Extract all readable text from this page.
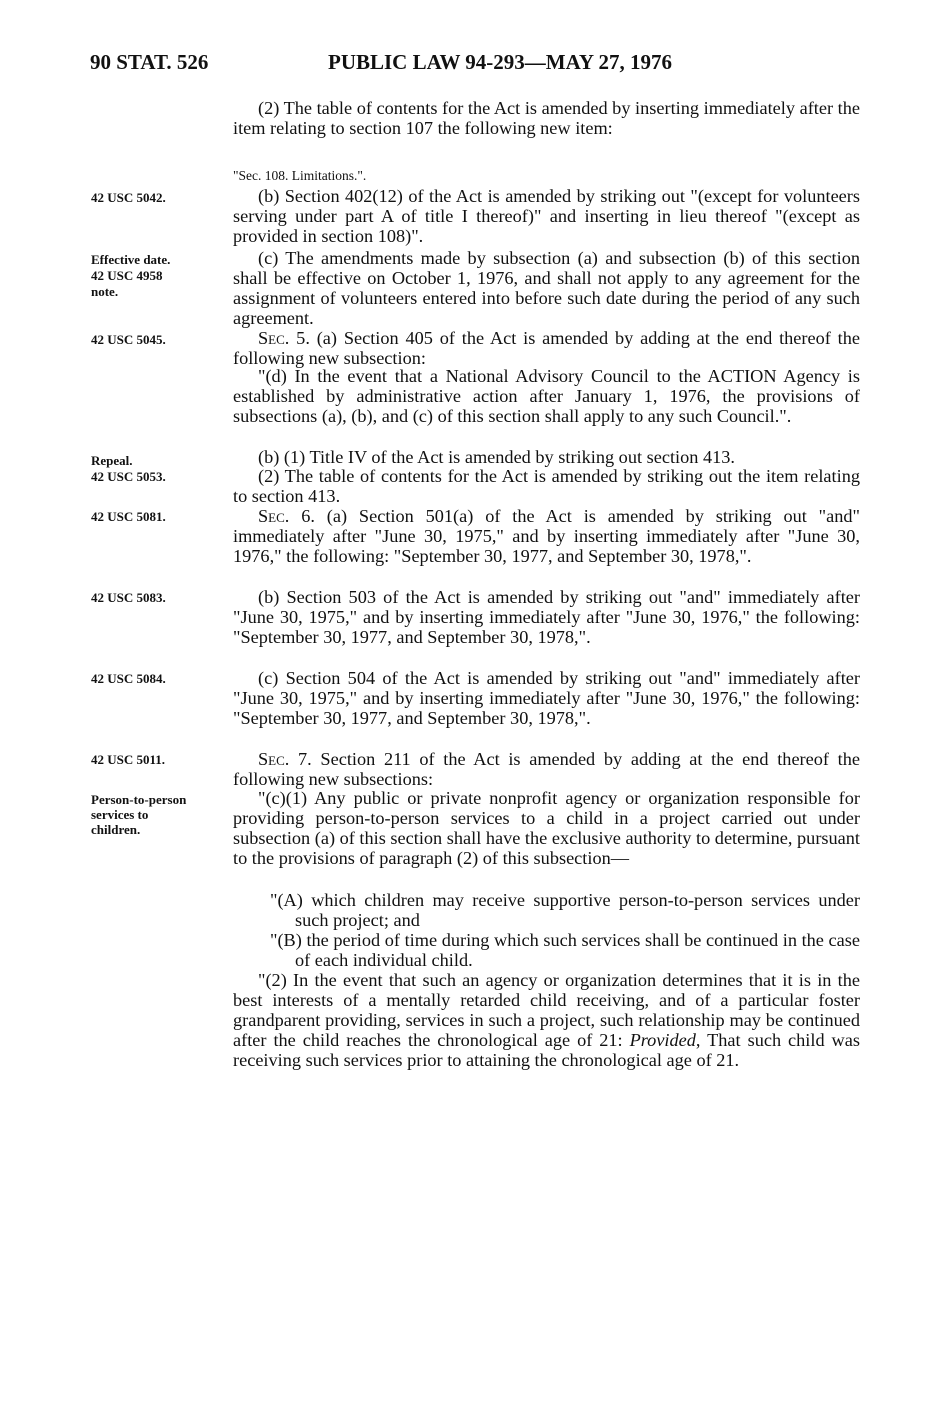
90 STAT. 526	PUBLIC LAW 94-293—MAY 27, 1976
42 USC 5042.
Effective date.
42 USC 4958
note.
42 USC 5045.
Repeal.
42 USC 5053.
42 USC 5081.
42 USC 5083.
42 USC 5084.
42 USC 5011.
Person-to-person
services to
children.

(2) The table of contents for the Act is amended by inserting immediately after the item relating to section 107 the following new item:

"Sec. 108. Limitations.".

(b) Section 402(12) of the Act is amended by striking out "(except for volunteers serving under part A of title I thereof)" and inserting in lieu thereof "(except as provided in section 108)".

(c) The amendments made by subsection (a) and subsection (b) of this section shall be effective on October 1, 1976, and shall not apply to any agreement for the assignment of volunteers entered into before such date during the period of any such agreement.

Sec. 5. (a) Section 405 of the Act is amended by adding at the end thereof the following new subsection:

"(d) In the event that a National Advisory Council to the ACTION Agency is established by administrative action after January 1, 1976, the provisions of subsections (a), (b), and (c) of this section shall apply to any such Council.".

(b) (1) Title IV of the Act is amended by striking out section 413.

(2) The table of contents for the Act is amended by striking out the item relating to section 413.

Sec. 6. (a) Section 501(a) of the Act is amended by striking out "and" immediately after "June 30, 1975," and by inserting immediately after "June 30, 1976," the following: "September 30, 1977, and September 30, 1978,".

(b) Section 503 of the Act is amended by striking out "and" immediately after "June 30, 1975," and by inserting immediately after "June 30, 1976," the following: "September 30, 1977, and September 30, 1978,".

(c) Section 504 of the Act is amended by striking out "and" immediately after "June 30, 1975," and by inserting immediately after "June 30, 1976," the following: "September 30, 1977, and September 30, 1978,".

Sec. 7. Section 211 of the Act is amended by adding at the end thereof the following new subsections:

"(c)(1) Any public or private nonprofit agency or organization responsible for providing person-to-person services to a child in a project carried out under subsection (a) of this section shall have the exclusive authority to determine, pursuant to the provisions of paragraph (2) of this subsection—

"(A) which children may receive supportive person-to-person services under such project; and

"(B) the period of time during which such services shall be continued in the case of each individual child.

"(2) In the event that such an agency or organization determines that it is in the best interests of a mentally retarded child receiving, and of a particular foster grandparent providing, services in such a project, such relationship may be continued after the child reaches the chronological age of 21: Provided, That such child was receiving such services prior to attaining the chronological age of 21.
